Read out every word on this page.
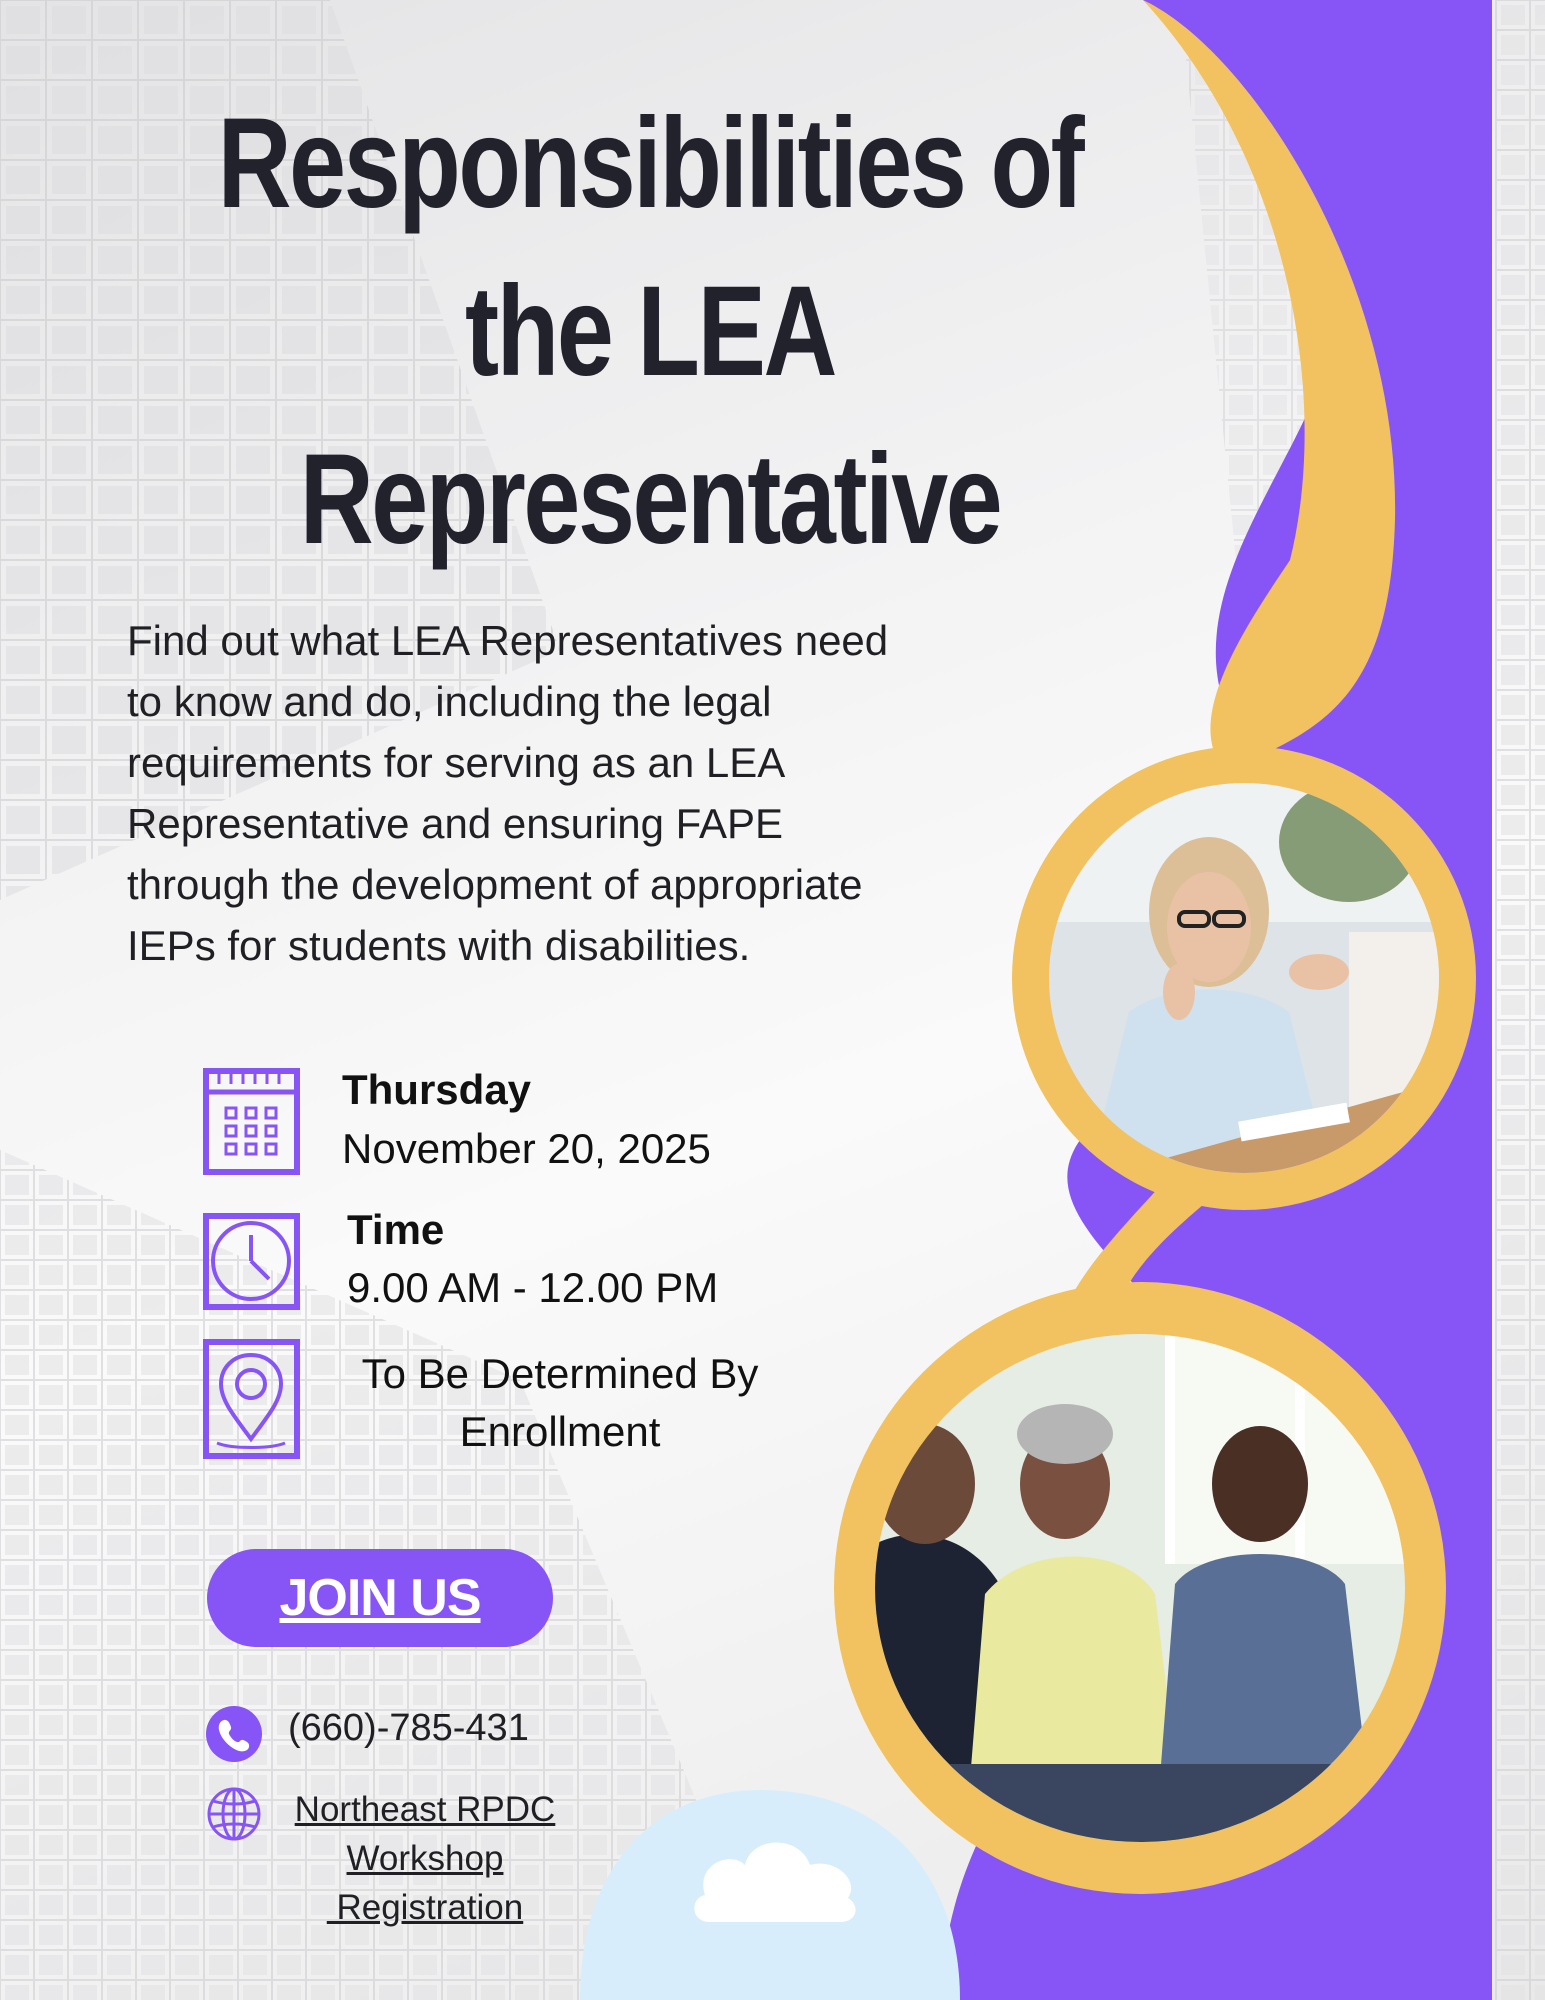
Responsibilities of
the LEA
Representative
Find out what LEA Representatives need
to know and do, including the legal
requirements for serving as an LEA
Representative and ensuring FAPE
through the development of appropriate
IEPs for students with disabilities.
Thursday
November 20, 2025
Time
9.00 AM - 12.00 PM
To Be Determined By
Enrollment
JOIN US
(660)-785-431
Northeast RPDC
Workshop
Registration
